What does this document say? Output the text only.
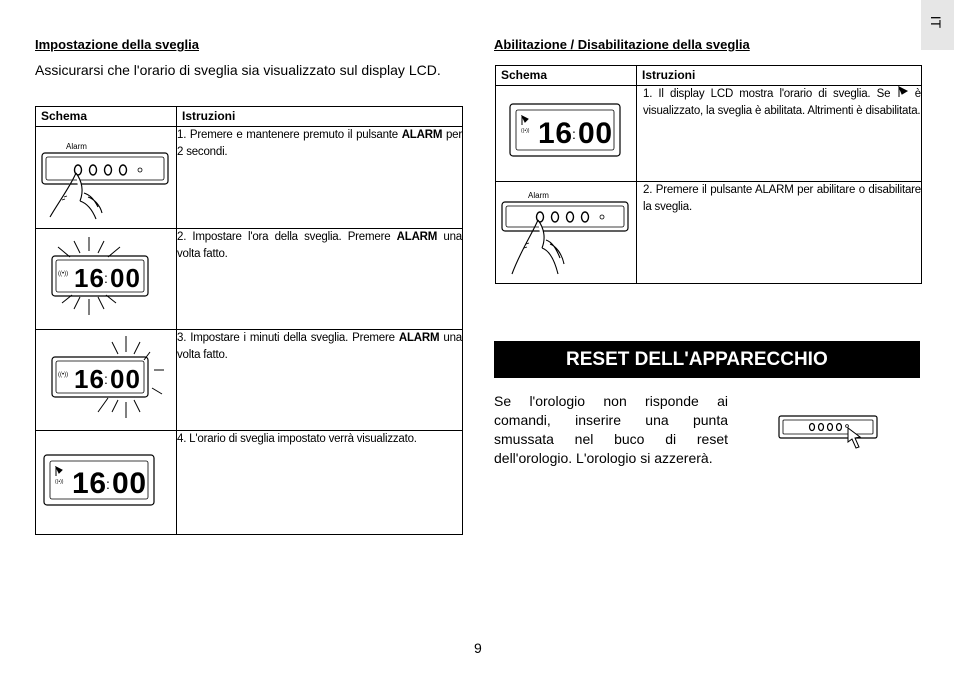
IT
Impostazione della sveglia
Assicurarsi che l'orario di sveglia sia visualizzato sul display LCD.
Schema	Istruzioni

Alarm	1. Premere e mantenere premuto il pulsante ALARM per 2 secondi.

((•)) 16 : 00	2. Impostare l'ora della sveglia. Premere ALARM una volta fatto.

((•)) 16 : 00	3. Impostare i minuti della sveglia. Premere ALARM una volta fatto.

((•)) 16 : 00	4. L'orario di sveglia impostato verrà visualizzato.
Abilitazione / Disabilitazione della sveglia
Schema	Istruzioni

((•)) 16 : 00	1. Il display LCD mostra l'orario di sveglia. Se  è visualizzato, la sveglia è abilitata. Altrimenti è disabilitata.

Alarm	2. Premere il pulsante ALARM per abilitare o disabilitare la sveglia.
RESET DELL'APPARECCHIO
Se l'orologio non risponde ai comandi, inserire una punta smussata nel buco di reset dell'orologio. L'orologio si azzererà.
9
